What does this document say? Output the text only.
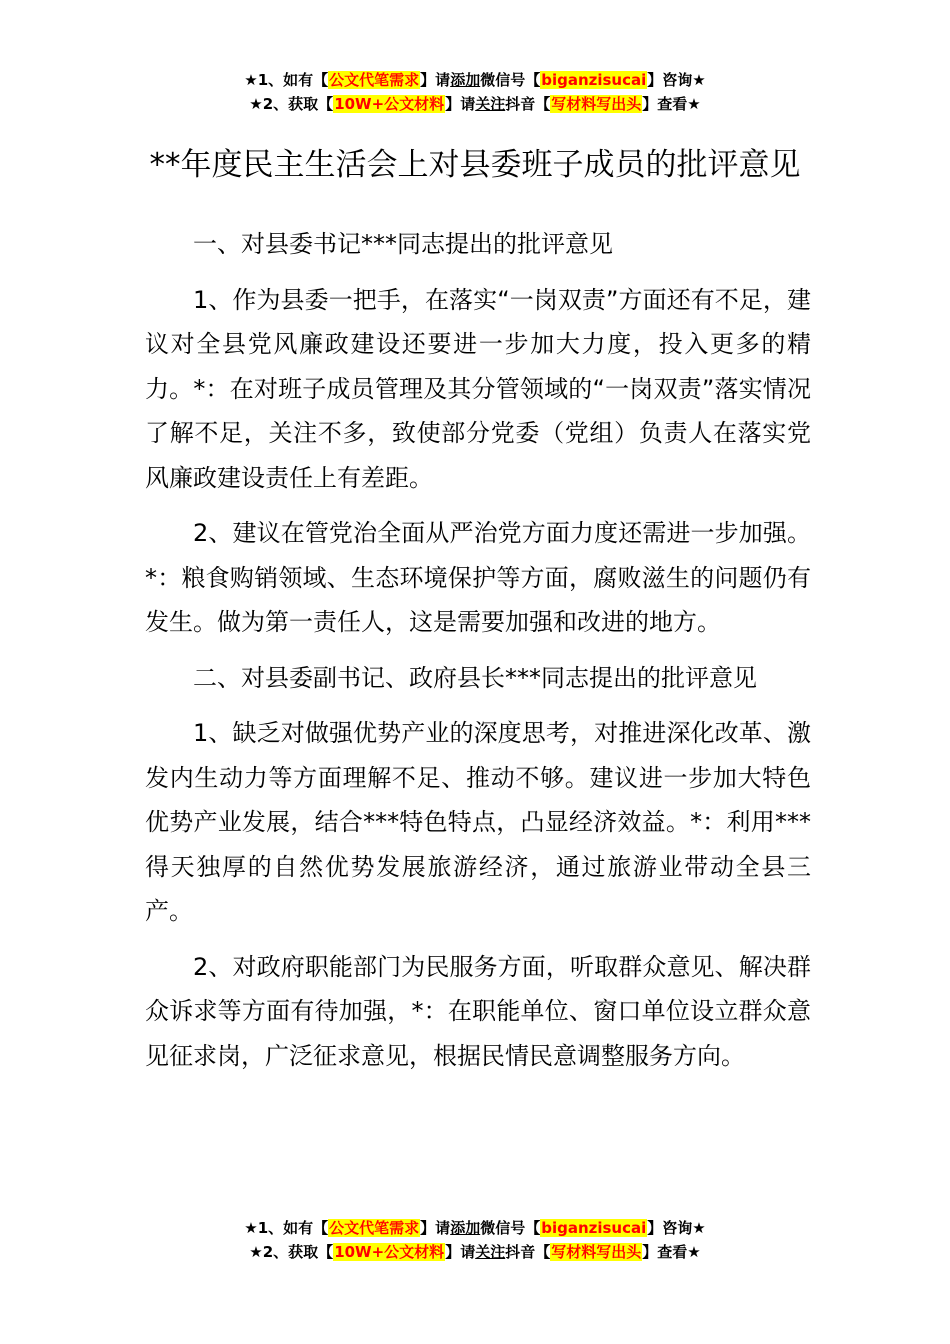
★1、如有【公文代笔需求】请添加微信号【biganzisucai】咨询★
★2、获取【10W+公文材料】请关注抖音【写材料写出头】查看★
**年度民主生活会上对县委班子成员的批评意见

一、对县委书记***同志提出的批评意见

1、作为县委一把手，在落实“一岗双责”方面还有不足，建议对全县党风廉政建设还要进一步加大力度，投入更多的精力。*：在对班子成员管理及其分管领域的“一岗双责”落实情况了解不足，关注不多，致使部分党委（党组）负责人在落实党风廉政建设责任上有差距。

2、建议在管党治全面从严治党方面力度还需进一步加强。*：粮食购销领域、生态环境保护等方面，腐败滋生的问题仍有发生。做为第一责任人，这是需要加强和改进的地方。

二、对县委副书记、政府县长***同志提出的批评意见

1、缺乏对做强优势产业的深度思考，对推进深化改革、激发内生动力等方面理解不足、推动不够。建议进一步加大特色优势产业发展，结合***特色特点，凸显经济效益。*：利用***得天独厚的自然优势发展旅游经济，通过旅游业带动全县三产。

2、对政府职能部门为民服务方面，听取群众意见、解决群众诉求等方面有待加强，*：在职能单位、窗口单位设立群众意见征求岗，广泛征求意见，根据民情民意调整服务方向。

★1、如有【公文代笔需求】请添加微信号【biganzisucai】咨询★
★2、获取【10W+公文材料】请关注抖音【写材料写出头】查看★
